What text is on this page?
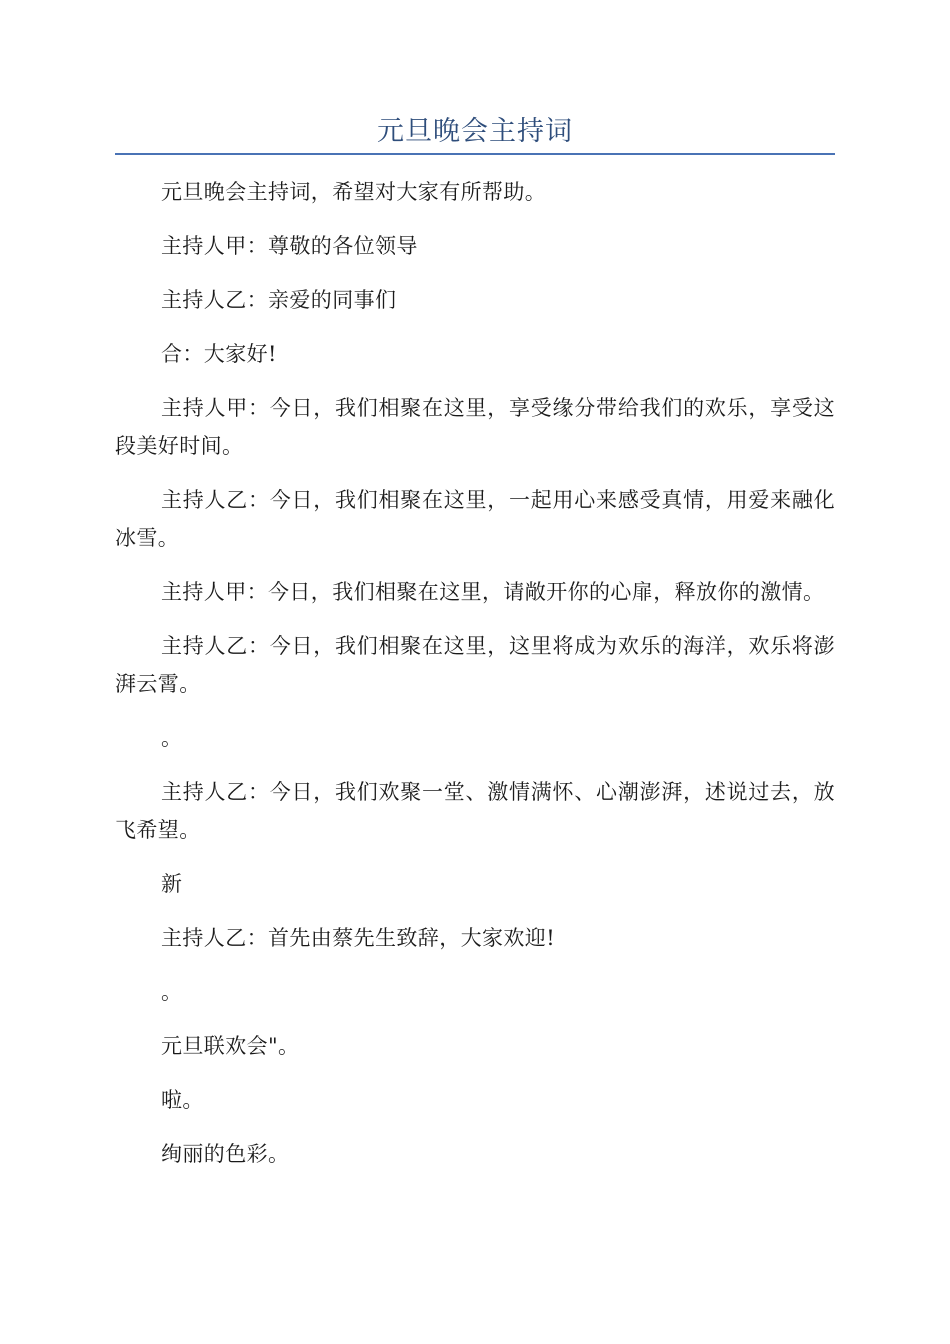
元旦晚会主持词

元旦晚会主持词，希望对大家有所帮助。

主持人甲：尊敬的各位领导

主持人乙：亲爱的同事们

合：大家好!

主持人甲：今日，我们相聚在这里，享受缘分带给我们的欢乐，享受这段美好时间。

主持人乙：今日，我们相聚在这里，一起用心来感受真情，用爱来融化冰雪。

主持人甲：今日，我们相聚在这里，请敞开你的心扉，释放你的激情。

主持人乙：今日，我们相聚在这里，这里将成为欢乐的海洋，欢乐将澎湃云霄。

。

主持人乙：今日，我们欢聚一堂、激情满怀、心潮澎湃，述说过去，放飞希望。

新

主持人乙：首先由蔡先生致辞，大家欢迎!

。

元旦联欢会"。

啦。

绚丽的色彩。
